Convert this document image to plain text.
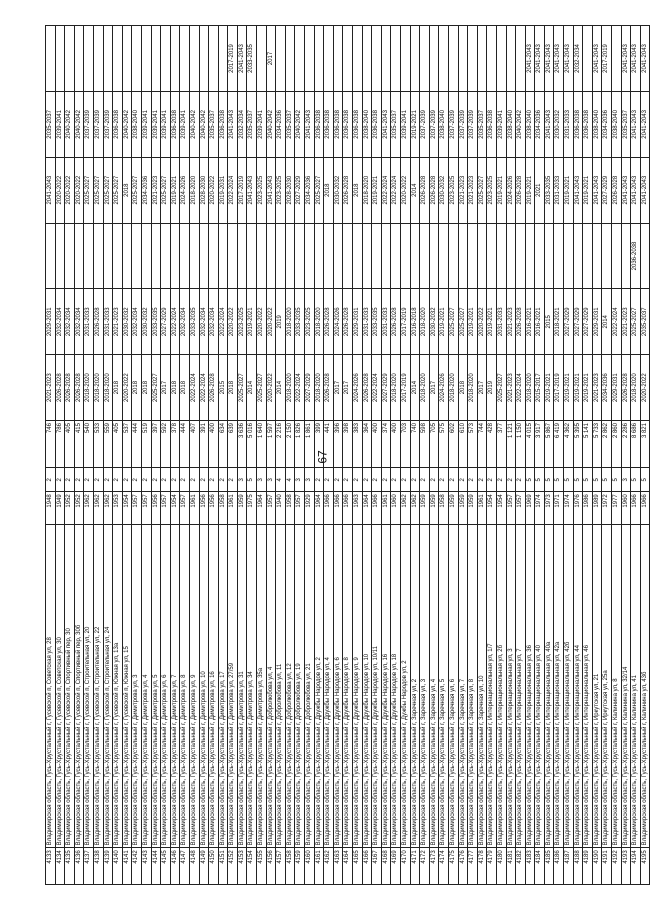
4133	Владимирская область, Гусь-Хрустальный г, Гусевской п, Советская ул, 28	1948	2	746	2021-2023	2029-2031		2041-2043	2035-2037	
4134	Владимирская область, Гусь-Хрустальный г, Гусевской п, Советская ул, 30	1949	2	786	2026-2028	2032-2034		2020-2022	2039-2041	
4135	Владимирская область, Гусь-Хрустальный г, Гусевской п, Спортивный пер, 30	1952	2	405	2026-2028	2032-2034		2020-2022	2040-2042	
4136	Владимирская область, Гусь-Хрустальный г, Гусевской п, Спортивный пер, 30б	1952	2	415	2026-2028	2032-2034		2020-2022	2040-2042	
4137	Владимирская область, Гусь-Хрустальный г, Гусевской п, Строительная ул, 20	1962	2	540	2018-2020	2031-2033		2025-2027	2037-2039	
4138	Владимирская область, Гусь-Хрустальный г, Гусевской п, Строительная ул, 22	1962	2	533	2018-2020	2026-2028		2025-2027	2037-2039	
4139	Владимирская область, Гусь-Хрустальный г, Гусевской п, Строительная ул, 24	1962	2	559	2018-2020	2031-2033		2025-2027	2037-2039	
4140	Владимирская область, Гусь-Хрустальный г, Гусевской п, Южная ул, 13а	1953	2	405	2018	2021-2023		2025-2027	2036-2038	
4141	Владимирская область, Гусь-Хрустальный г, Гусевской п, Южная ул, 15	1954	2	537	2020-2022	2030-2032		2018	2040-2042	
4142	Владимирская область, Гусь-Хрустальный г, Димитрова ул, 3	1957	2	444	2018	2032-2034		2025-2027	2038-2040	
4143	Владимирская область, Гусь-Хрустальный г, Димитрова ул, 4	1957	2	519	2018	2030-2032		2034-2036	2039-2041	
4144	Владимирская область, Гусь-Хрустальный г, Димитрова ул, 5	1956	2	397	2025-2027	2033-2035		2021-2023	2039-2041	
4145	Владимирская область, Гусь-Хрустальный г, Димитрова ул, 6	1957	2	592	2017	2027-2029		2025-2027	2039-2041	
4146	Владимирская область, Гусь-Хрустальный г, Димитрова ул, 7	1954	2	378	2018	2022-2024		2019-2021	2036-2038	
4147	Владимирская область, Гусь-Хрустальный г, Димитрова ул, 8	1957	2	444	2018	2032-2034		2024-2026	2039-2041	
4148	Владимирская область, Гусь-Хрустальный г, Димитрова ул, 9	1961	2	407	2022-2024	2033-2035		2018-2020	2040-2042	
4149	Владимирская область, Гусь-Хрустальный г, Димитрова ул, 10	1956	2	391	2022-2024	2032-2034		2028-2030	2040-2042	
4150	Владимирская область, Гусь-Хрустальный г, Димитрова ул, 16	1956	2	400	2026-2028	2032-2034		2020-2022	2035-2037	
4151	Владимирская область, Гусь-Хрустальный г, Димитрова ул, 17	1958	2	634	2015	2022-2024		2019-2031	2036-2038	
4152	Владимирская область, Гусь-Хрустальный г, Димитрова ул, 27/59	1961	2	639	2018	2020-2022		2022-2024	2041-2043	2017-2019
4153	Владимирская область, Гусь-Хрустальный г, Димитрова ул, 31	1959	3	3 636	2025-2027	2023-2025		2017-2019	2032-2034	2041-2043
4154	Владимирская область, Гусь-Хрустальный г, Димитрова ул, 34	1975	5	5 016	2014	2019-2021		2041-2043	2035-2037	2033-2035
4155	Владимирская область, Гусь-Хрустальный г, Димитрова ул, 35а	1964	3	1 640	2025-2027	2020-2022		2023-2025	2039-2041	
4156	Владимирская область, Гусь-Хрустальный г, Добролюбова ул, 4	1957	3	1 597	2020-2022	2020-2022		2041-2043	2040-2042	2017
4157	Владимирская область, Гусь-Хрустальный г, Добролюбова ул, 11	1940	4	2 216	2014	2019		2023-2025	2034-2036	
4158	Владимирская область, Гусь-Хрустальный г, Добролюбова ул, 12	1958	4	2 150	2018-2020	2018-2020		2028-2030	2035-2037	
4159	Владимирская область, Гусь-Хрустальный г, Добролюбова ул, 19	1957	3	1 826	2022-2024	2033-2035		2027-2029	2040-2042	
4160	Владимирская область, Гусь-Хрустальный г, Добролюбова ул, 21	1929	3	1 861	2027-2029	2023-2025		2034-2036	2041-2043	
4161	Владимирская область, Гусь-Хрустальный г, Дружбы Народов ул, 2	1964	2	399	2018-2020	2018-2020		2025-2027	2036-2038	
4162	Владимирская область, Гусь-Хрустальный г, Дружбы Народов ул, 4	1966	2	441	2026-2028	2026-2028		2018	2036-2038	
4163	Владимирская область, Гусь-Хрустальный г, Дружбы Народов ул, 6	1966	2	396	2017	2024-2026		2030-2032	2036-2038	
4164	Владимирская область, Гусь-Хрустальный г, Дружбы Народов ул, 8	1966	2	398	2017	2026-2028		2026-2028	2036-2038	
4165	Владимирская область, Гусь-Хрустальный г, Дружбы Народов ул, 9	1963	2	383	2024-2026	2029-2031		2018	2036-2038	
4166	Владимирская область, Гусь-Хрустальный г, Дружбы Народов ул, 10	1964	2	364	2026-2028	2031-2033		2018-2020	2038-2040	
4167	Владимирская область, Гусь-Хрустальный г, Дружбы Народов ул, 10/11	1966	2	400	2022-2024	2033-2035		2019-2021	2036-2038	
4168	Владимирская область, Гусь-Хрустальный г, Дружбы Народов ул, 16	1961	2	374	2027-2029	2031-2033		2022-2024	2041-2043	
4169	Владимирская область, Гусь-Хрустальный г, Дружбы Народов ул, 18	1960	2	400	2018-2020	2026-2028		2022-2024	2035-2037	
4170	Владимирская область, Гусь-Хрустальный г, Дужбы Народов ул, 2	1962	2	703	2017-2019	2017-2019		2020-2022	2039-2041	
4171	Владимирская область, Гусь-Хрустальный г, Заречная ул, 2	1962	2	740	2014	2016-2018		2014	2019-2021	
4172	Владимирская область, Гусь-Хрустальный г, Заречная ул, 3	1959	2	598	2018-2020	2018-2020		2026-2028	2037-2039	
4173	Владимирская область, Гусь-Хрустальный г, Заречная ул, 4	1959	2	705	2017	2030-2032		2026-2028	2037-2039	
4174	Владимирская область, Гусь-Хрустальный г, Заречная ул, 5	1958	2	575	2024-2026	2019-2021		2030-2032	2038-2040	
4175	Владимирская область, Гусь-Хрустальный г, Заречная ул, 6	1959	2	602	2018-2020	2025-2027		2023-2025	2037-2039	
4176	Владимирская область, Гусь-Хрустальный г, Заречная ул, 7	1959	2	610	2018	2025-2027		2021-2023	2037-2039	
4177	Владимирская область, Гусь-Хрустальный г, Заречная ул, 8	1959	2	573	2018-2020	2019-2021		2021-2023	2037-2039	
4178	Владимирская область, Гусь-Хрустальный г, Заречная ул, 10	1961	2	744	2017	2020-2022		2025-2027	2035-2037	
4179	Владимирская область, Гусь-Хрустальный г, Интернациональная ул, 1/7	1954	2	428	2019	2019-2021		2023-2025	2036-2038	
4180	Владимирская область, Гусь-Хрустальный г, Интернациональная ул, 2б	1954	2	377	2025-2027	2031-2033		2019-2021	2039-2041	
4181	Владимирская область, Гусь-Хрустальный г, Интернациональная ул, 3	1957	2	1 121	2021-2023	2021-2023		2024-2026	2038-2040	
4182	Владимирская область, Гусь-Хрустальный г, Интернациональная ул, 7	1957	2	1 150	2022-2024	2026-2028		2026-2028	2040-2042	
4183	Владимирская область, Гусь-Хрустальный г, Интернациональная ул, 36	1969	5	4 015	2018-2020	2016-2021		2019-2021	2038-2040	2041-2043
4184	Владимирская область, Гусь-Хрустальный г, Интернациональная ул, 40	1974	5	3 917	2015-2017	2016-2021		2021	2034-2036	2041-2043
4185	Владимирская область, Гусь-Хрустальный г, Интернациональная ул, 40а	1973	5	5 867	2019-2021	2015		2033-2035	2041-2043	2041-2043
4186	Владимирская область, Гусь-Хрустальный г, Интернациональная ул, 42а	1971	5	6 419	2017-2019	2018-2021		2031-2033	2030-2032	2041-2043
4187	Владимирская область, Гусь-Хрустальный г, Интернациональная ул, 42б	1974	5	4 362	2019-2021	2027-2029		2019-2021	2031-2033	2041-2043
4188	Владимирская область, Гусь-Хрустальный г, Интернациональная ул, 44	1976	5	5 395	2019-2021	2027-2029		2041-2043	2036-2038	2032-2034
4189	Владимирская область, Гусь-Хрустальный г, Интернациональная ул, 46	1986	5	5 141	2019-2021	2027-2029		2019-2021	2036-2038	
4190	Владимирская область, Гусь-Хрустальный г, Иркутская ул, 21	1989	5	5 733	2021-2023	2029-2031		2041-2043	2038-2040	2041-2043
4191	Владимирская область, Гусь-Хрустальный г, Иркутская ул, 25а	1972	5	2 862	2034-2036	2014		2027-2029	2034-2036	2017-2019
4192	Владимирская область, Гусь-Хрустальный г, Калинина ул, 8	1977	5	2 860	2029-2031	2022-2024		2026-2028	2038-2040	
4193	Владимирская область, Гусь-Хрустальный г, Калинина ул, 32/14	1960	3	2 286	2026-2028	2021-2023		2041-2043	2035-2037	2041-2043
4194	Владимирская область, Гусь-Хрустальный г, Калинина ул, 41	1966	5	8 686	2018-2020	2025-2027	2036-2038	2041-2043	2041-2043	2041-2043
4195	Владимирская область, Гусь-Хрустальный г, Калинина ул, 43б	1966	5	3 821	2020-2022	2035-2037		2041-2043	2041-2043	2041-2043
67
